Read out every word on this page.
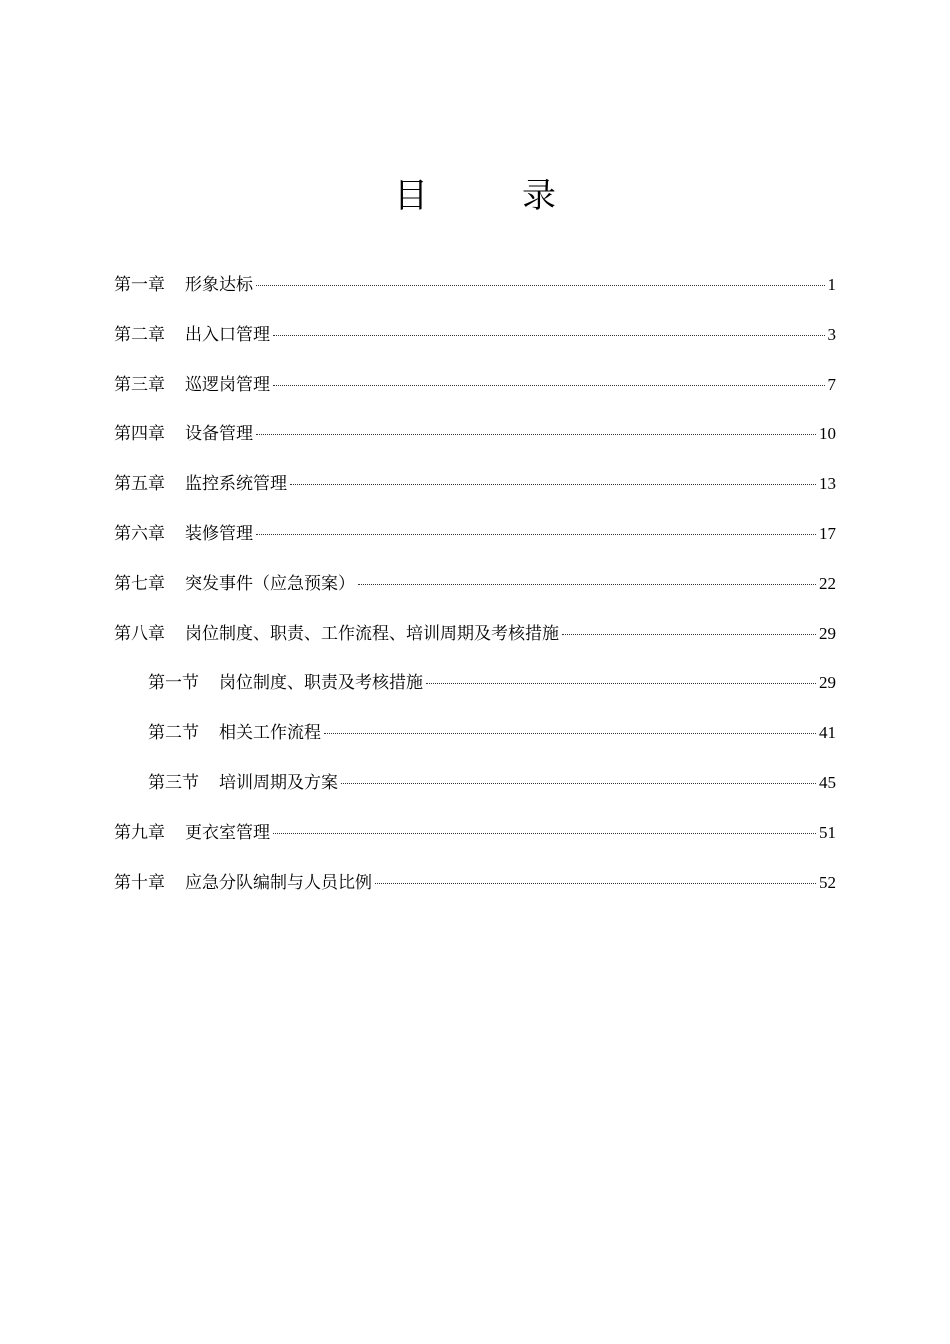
目　录
第一章 形象达标	1
第二章 出入口管理	3
第三章 巡逻岗管理	7
第四章 设备管理	10
第五章 监控系统管理	13
第六章 装修管理	17
第七章 突发事件（应急预案）	22
第八章 岗位制度、职责、工作流程、培训周期及考核措施	29
第一节 岗位制度、职责及考核措施	29
第二节 相关工作流程	41
第三节 培训周期及方案	45
第九章 更衣室管理	51
第十章 应急分队编制与人员比例	52
